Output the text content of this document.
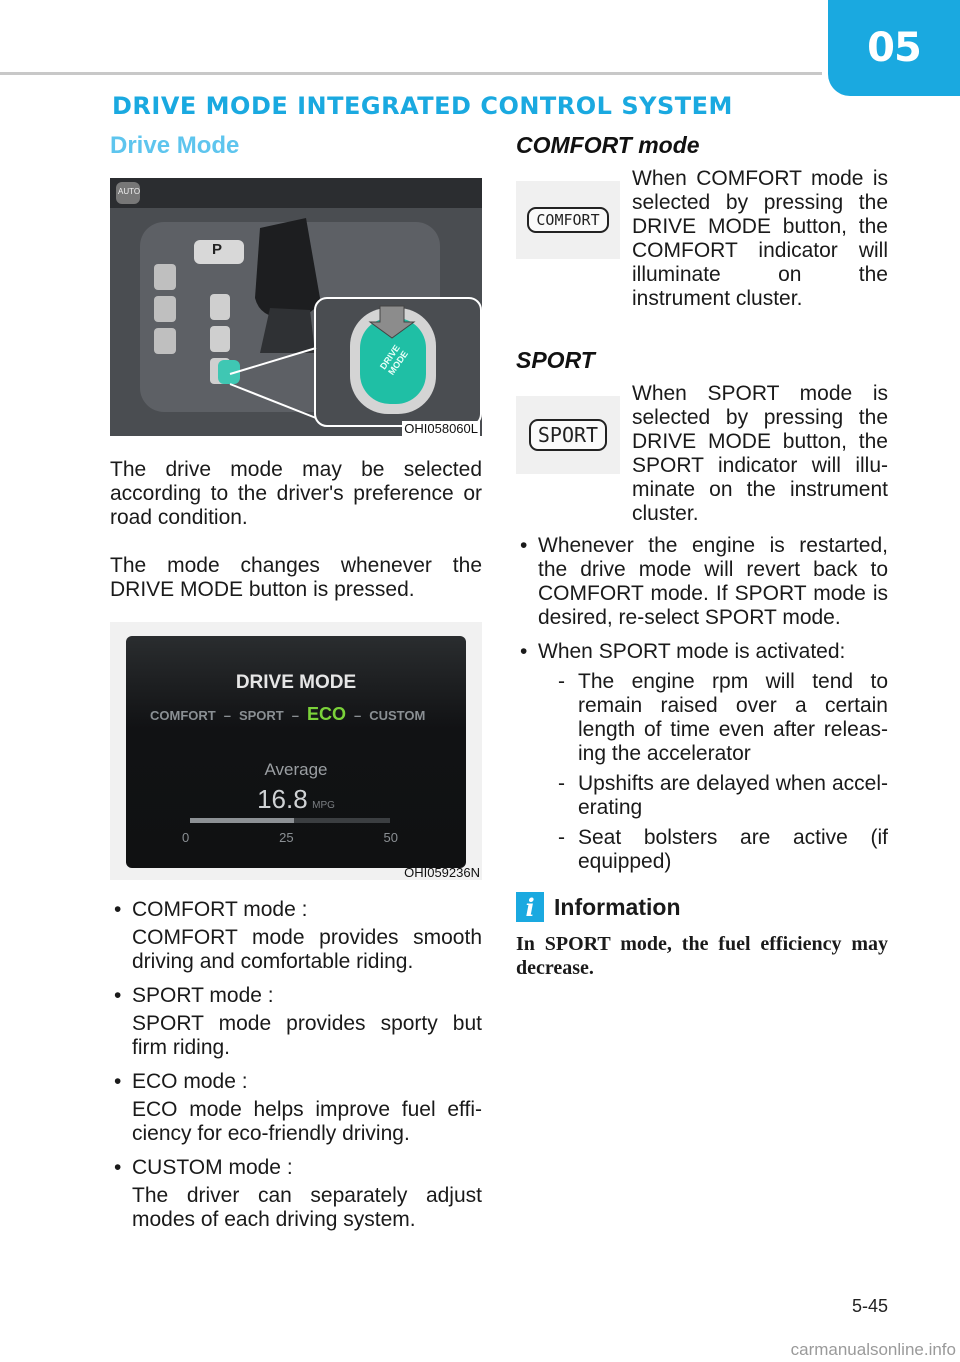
05
DRIVE MODE INTEGRATED CONTROL SYSTEM
Drive Mode
P
AUTO
DRIVE MODE
OHI058060L

The drive mode may be selected according to the driver's preference or road condition.

The mode changes whenever the DRIVE MODE button is pressed.

DRIVE MODE
COMFORT – SPORT – ECO – CUSTOM
Average
16.8 MPG
0	25	50
OHI059236N
• COMFORT mode :
COMFORT mode provides smooth driving and comfortable riding.
• SPORT mode :
SPORT mode provides sporty but firm riding.
• ECO mode :
ECO mode helps improve fuel effi-ciency for eco-friendly driving.
• CUSTOM mode :
The driver can separately adjust modes of each driving system.
COMFORT mode
COMFORT

When COMFORT mode is selected by pressing the DRIVE MODE button, the COMFORT indicator will illuminate on the instrument cluster.

SPORT
SPORT

When SPORT mode is selected by pressing the DRIVE MODE button, the SPORT indicator will illu-minate on the instrument cluster.

• Whenever the engine is restarted, the drive mode will revert back to COMFORT mode. If SPORT mode is desired, re-select SPORT mode.
• When SPORT mode is activated:
- The engine rpm will tend to remain raised over a certain length of time even after releas-ing the accelerator
- Upshifts are delayed when accel-erating
- Seat bolsters are active (if equipped)
i Information
In SPORT mode, the fuel efficiency may decrease.
5-45
carmanualsonline.info
